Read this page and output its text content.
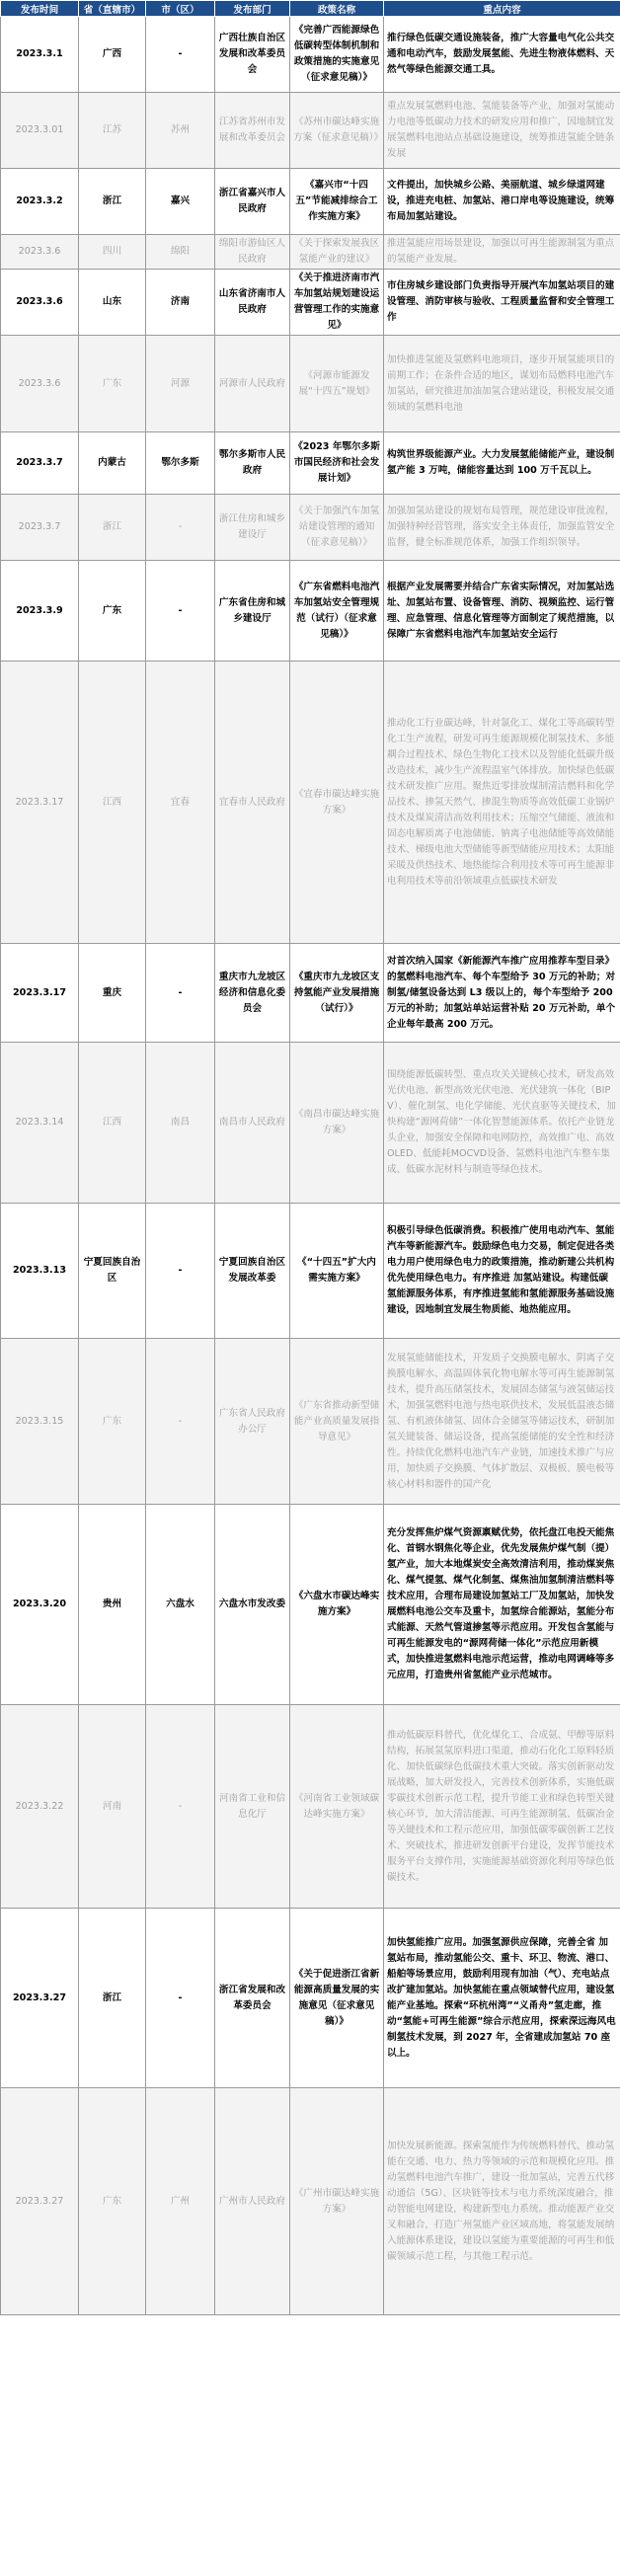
发布时间	省（直辖市）	市（区）	发布部门	政策名称	重点内容
2023.3.1	广西	-	广西壮族自治区发展和改革委员会	《完善广西能源绿色低碳转型体制机制和政策措施的实施意见（征求意见稿）》	推行绿色低碳交通设施装备，推广大容量电气化公共交通和电动汽车，鼓励发展氢能、先进生物液体燃料、天然气等绿色能源交通工具。
2023.3.01	江苏	苏州	江苏省苏州市发展和改革委员会	《苏州市碳达峰实施方案（征求意见稿）》	重点发展氢燃料电池、氢能装备等产业，加强对氢能动力电池等低碳动力技术的研发应用和推广，因地制宜发展氢燃料电池站点基础设施建设，统筹推进氢能全链条发展
2023.3.2	浙江	嘉兴	浙江省嘉兴市人民政府	《嘉兴市“十四五”节能减排综合工作实施方案》	文件提出，加快城乡公路、美丽航道、城乡绿道网建设，推进充电桩、加氢站、港口岸电等设施建设，统筹布局加氢站建设。
2023.3.6	四川	绵阳	绵阳市游仙区人民政府	《关于探索发展我区氢能产业的建议》	推进氢能应用场景建设，加强以可再生能源制氢为重点的氢能产业发展。
2023.3.6	山东	济南	山东省济南市人民政府	《关于推进济南市汽车加氢站规划建设运营管理工作的实施意见》	市住房城乡建设部门负责指导开展汽车加氢站项目的建设管理、消防审核与验收、工程质量监督和安全管理工作
2023.3.6	广东	河源	河源市人民政府	《河源市能源发展“十四五”规划》	加快推进氢能及氢燃料电池项目，逐步开展氢能项目的前期工作；在条件合适的地区，谋划布局燃料电池汽车加氢站，研究推进加油加氢合建站建设，积极发展交通领域的氢燃料电池
2023.3.7	内蒙古	鄂尔多斯	鄂尔多斯市人民政府	《2023 年鄂尔多斯市国民经济和社会发展计划》	构筑世界级能源产业。大力发展氢能储能产业，建设制氢产能 3 万吨，储能容量达到 100 万千瓦以上。
2023.3.7	浙江	-	浙江住房和城乡建设厅	《关于加强汽车加氢站建设管理的通知（征求意见稿）》	加强加氢站建设的规划布局管理，规范建设审批流程，加强特种经营管理，落实安全主体责任，加强监管安全监督，健全标准规范体系，加强工作组织领导。
2023.3.9	广东	-	广东省住房和城乡建设厅	《广东省燃料电池汽车加氢站安全管理规范（试行）（征求意见稿）》	根据产业发展需要并结合广东省实际情况，对加氢站选址、加氢站布置、设备管理、消防、视频监控、运行管理、应急管理、信息化管理等方面制定了规范措施，以保障广东省燃料电池汽车加氢站安全运行
2023.3.17	江西	宜春	宜春市人民政府	《宜春市碳达峰实施方案》	推动化工行业碳达峰，针对氯化工、煤化工等高碳转型化工生产流程，研发可再生能源规模化制氢技术、多能耦合过程技术、绿色生物化工技术以及智能化低碳升级改造技术，减少生产流程温室气体排放。加快绿色低碳技术研发推广应用。聚焦近零排放煤制清洁燃料和化学品技术、掺氢天然气、掺混生物质等高效低碳工业锅炉技术及煤炭清洁高效利用技术；压缩空气储能、液流和固态电解质离子电池储能、钠离子电池储能等高效储能技术、梯级电池大型储能等新型储能应用技术；太阳能采暖及供热技术、地热能综合利用技术等可再生能源非电利用技术等前沿领域重点低碳技术研发
2023.3.17	重庆	-	重庆市九龙坡区经济和信息化委员会	《重庆市九龙坡区支持氢能产业发展措施（试行）》	对首次纳入国家《新能源汽车推广应用推荐车型目录》的氢燃料电池汽车、每个车型给予 30 万元的补助；对制氢/储氢设备达到 L3 级以上的，每个车型给予 200 万元的补助；加氢站单站运营补贴 20 万元补助，单个企业每年最高 200 万元。
2023.3.14	江西	南昌	南昌市人民政府	《南昌市碳达峰实施方案》	围绕能源低碳转型、重点攻关关键核心技术，研发高效光伏电池、新型高效光伏电池、光伏建筑一体化（BIPV）、催化制氢、电化学储能、光伏直驱等关键技术，加快构建“源网荷储”一体化智慧能源体系。依托产业链龙头企业，加强安全保障和电网防控，高效推广电、高效OLED、低能耗MOCVD设备、氢燃料电池汽车整车集成、低碳水泥材料与制造等绿色技术。
2023.3.13	宁夏回族自治区	-	宁夏回族自治区发展改革委	《“十四五”扩大内需实施方案》	积极引导绿色低碳消费。积极推广使用电动汽车、氢能汽车等新能源汽车。鼓励绿色电力交易，制定促进各类电力用户使用绿色电力的政策措施，推动新建公共机构优先使用绿色电力。有序推进 加氢站建设。构建低碳氢能源服务体系，有序推进氢能和氢能源服务基础设施建设，因地制宜发展生物质能、地热能应用。
2023.3.15	广东	-	广东省人民政府办公厅	《广东省推动新型储能产业高质量发展指导意见》	发展氢能储能技术，开发质子交换膜电解水、阴离子交换膜电解水、高温固体氧化物电解水等可再生能源制氢技术，提升高压储氢技术，发展固态储氢与液氢储运技术，加强氢燃料电池与热电联供技术，发展低温液态储氢、有机液体储氢、固体合金储氢等储运技术，研制加氢关键装备、储运设备，提高氢能储能的安全性和经济性。持续优化燃料电池汽车产业链，加速技术推广与应用，加快质子交换膜、气体扩散层、双极板、膜电极等核心材料和器件的国产化
2023.3.20	贵州	六盘水	六盘水市发改委	《六盘水市碳达峰实施方案》	充分发挥焦炉煤气资源禀赋优势，依托盘江电投天能焦化、首钢水钢焦化等企业，优先发展焦炉煤气制（提）氢产业，加大本地煤炭安全高效清洁利用，推动煤炭焦化、煤气提氢、煤气化制氢、煤焦油加氢制清洁燃料等技术应用，合理布局建设加氢站工厂及加氢站，加快发展燃料电池公交车及重卡，加氢综合能源站，氢能分布式能源、天然气管道掺氢等示范应用。开发包含氢能与可再生能源发电的“源网荷储一体化”示范应用新模式，加快推进氢燃料电池示范运营，推动电网调峰等多元应用，打造贵州省氢能产业示范城市。
2023.3.22	河南	-	河南省工业和信息化厅	《河南省工业领域碳达峰实施方案》	推动低碳原料替代，优化煤化工、合成氨、甲醇等原料结构，拓展氢氢原料进口渠道，推动石化化工原料轻质化、加快低碳绿色低碳技术重大突破。落实创新驱动发展战略，加大研发投入，完善技术创新体系，实施低碳零碳技术创新示范工程，提升节能工业和绿色转型关键核心环节，加大清洁能源、可再生能源制氢、低碳冶金等关键技术和工程示范应用，加强低碳零碳创新工艺技术、突破技术，推进研发创新平台建设，发挥节能技术服务平台支撑作用，实施能源基础资源化利用等绿色低碳技术。
2023.3.27	浙江	-	浙江省发展和改革委员会	《关于促进浙江省新能源高质量发展的实施意见（征求意见稿）》	加快氢能推广应用。加强氢源供应保障，完善全省 加氢站布局，推动氢能公交、重卡、环卫、物流、港口、船舶等场景应用，鼓励利用现有加油（气）、充电站点改扩建加氢站。加快氢能在重点领域替代应用，建设氢能产业基地。探索“环杭州湾”“义甬舟”氢走廊，推动“氢能+可再生能源”综合示范应用，探索深远海风电制氢技术发展，到 2027 年，全省建成加氢站 70 座以上。
2023.3.27	广东	广州	广州市人民政府	《广州市碳达峰实施方案》	加快发展新能源。探索氢能作为传统燃料替代、推动氢能在交通、电力、热力等领域的示范和规模化应用。推动氢燃料电池汽车推广，建设一批加氢站，完善五代移动通信（5G）、区块链等技术与电力系统深度融合，推动智能电网建设，构建新型电力系统。推动能源产业交叉和融合，打造广州氢能产业区域高地，将氢能发展纳入能源体系建设，建设以氢能为重要能源的可再生和低碳领域示范工程，与其他工程示范。
